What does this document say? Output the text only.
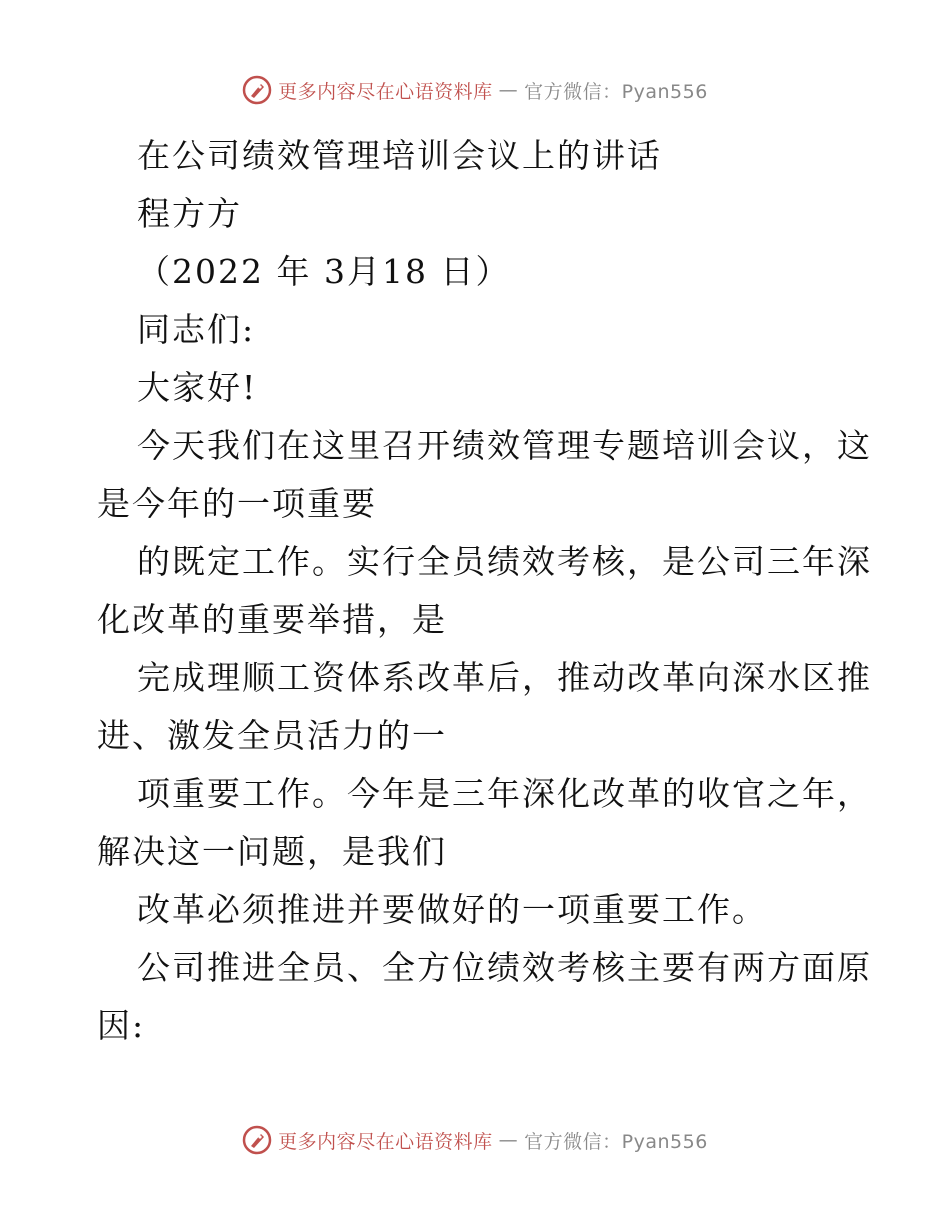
更多内容尽在心语资料库 — 官方微信：Pyan556
在公司绩效管理培训会议上的讲话
程方方
（2022 年 3月18 日）
同志们:
大家好!
今天我们在这里召开绩效管理专题培训会议，这
是今年的一项重要
的既定工作。实行全员绩效考核，是公司三年深
化改革的重要举措，是
完成理顺工资体系改革后，推动改革向深水区推
进、激发全员活力的一
项重要工作。今年是三年深化改革的收官之年，
解决这一问题，是我们
改革必须推进并要做好的一项重要工作。
公司推进全员、全方位绩效考核主要有两方面原
因:
更多内容尽在心语资料库 — 官方微信：Pyan556
